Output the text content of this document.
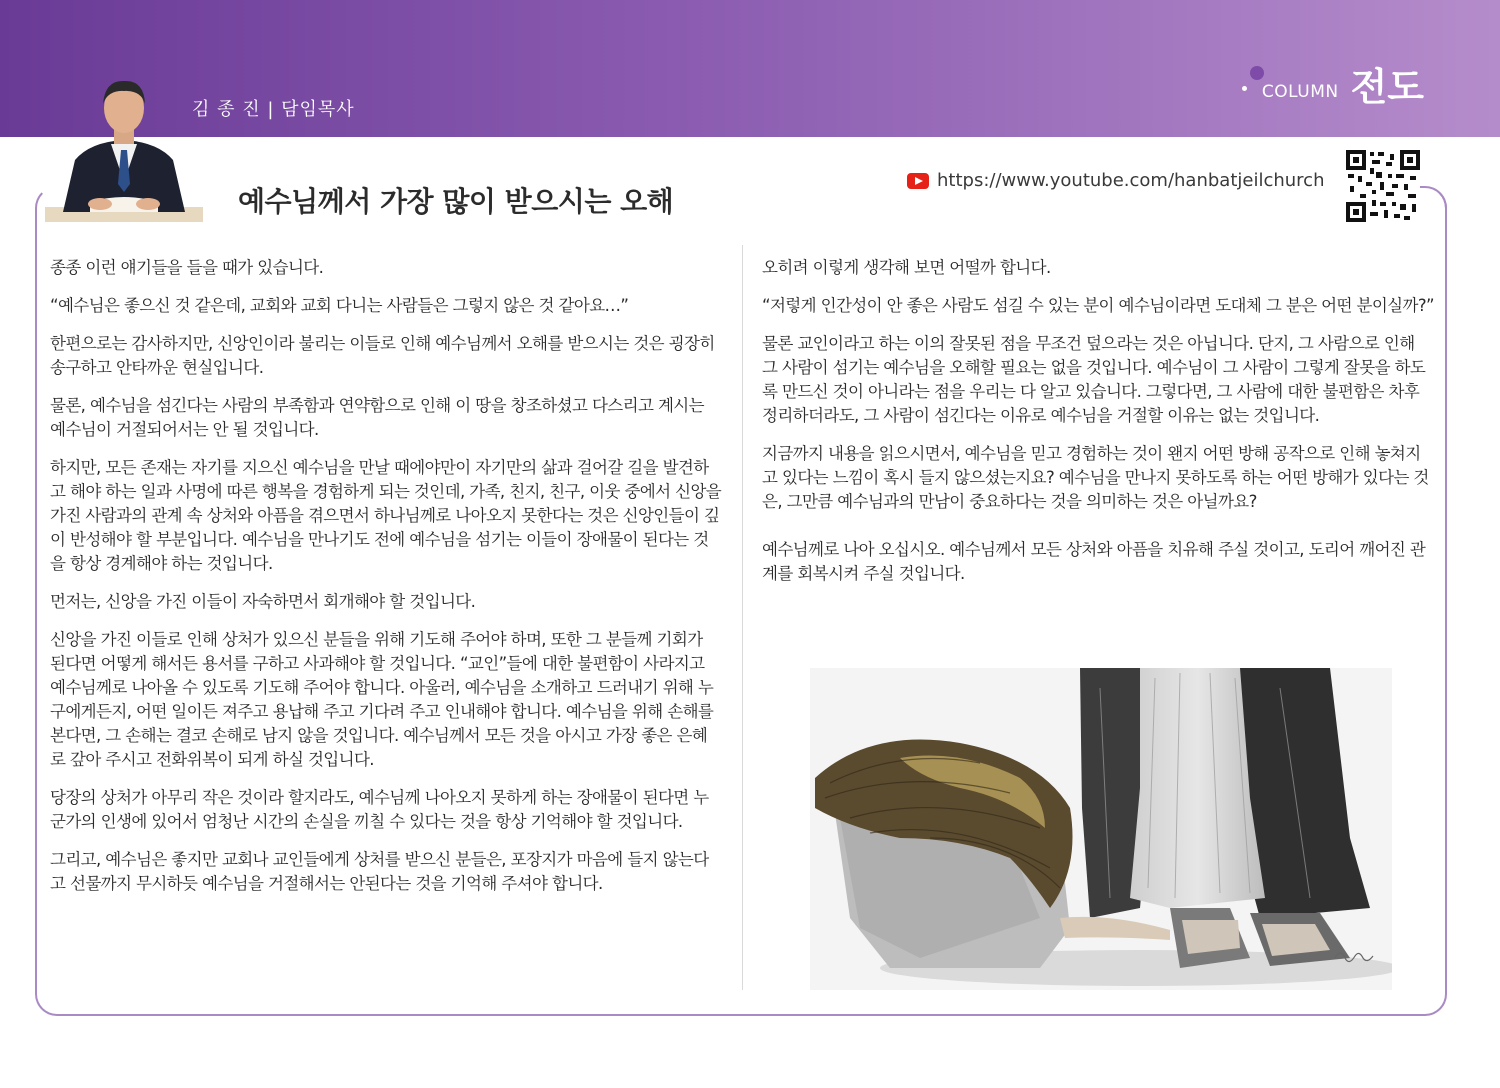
김 종 진 | 담임목사
COLUMN 전도
예수님께서 가장 많이 받으시는 오해
https://www.youtube.com/hanbatjeilchurch

종종 이런 얘기들을 들을 때가 있습니다.

“예수님은 좋으신 것 같은데, 교회와 교회 다니는 사람들은 그렇지 않은 것 같아요…”

한편으로는 감사하지만, 신앙인이라 불리는 이들로 인해 예수님께서 오해를 받으시는 것은 굉장히 송구하고 안타까운 현실입니다.

물론, 예수님을 섬긴다는 사람의 부족함과 연약함으로 인해 이 땅을 창조하셨고 다스리고 계시는 예수님이 거절되어서는 안 될 것입니다.

하지만, 모든 존재는 자기를 지으신 예수님을 만날 때에야만이 자기만의 삶과 걸어갈 길을 발견하고 해야 하는 일과 사명에 따른 행복을 경험하게 되는 것인데, 가족, 친지, 친구, 이웃 중에서 신앙을 가진 사람과의 관계 속 상처와 아픔을 겪으면서 하나님께로 나아오지 못한다는 것은 신앙인들이 깊이 반성해야 할 부분입니다. 예수님을 만나기도 전에 예수님을 섬기는 이들이 장애물이 된다는 것을 항상 경계해야 하는 것입니다.

먼저는, 신앙을 가진 이들이 자숙하면서 회개해야 할 것입니다.

신앙을 가진 이들로 인해 상처가 있으신 분들을 위해 기도해 주어야 하며, 또한 그 분들께 기회가 된다면 어떻게 해서든 용서를 구하고 사과해야 할 것입니다. “교인”들에 대한 불편함이 사라지고 예수님께로 나아올 수 있도록 기도해 주어야 합니다. 아울러, 예수님을 소개하고 드러내기 위해 누구에게든지, 어떤 일이든 져주고 용납해 주고 기다려 주고 인내해야 합니다. 예수님을 위해 손해를 본다면, 그 손해는 결코 손해로 남지 않을 것입니다. 예수님께서 모든 것을 아시고 가장 좋은 은혜로 갚아 주시고 전화위복이 되게 하실 것입니다.

당장의 상처가 아무리 작은 것이라 할지라도, 예수님께 나아오지 못하게 하는 장애물이 된다면 누군가의 인생에 있어서 엄청난 시간의 손실을 끼칠 수 있다는 것을 항상 기억해야 할 것입니다.

그리고, 예수님은 좋지만 교회나 교인들에게 상처를 받으신 분들은, 포장지가 마음에 들지 않는다고 선물까지 무시하듯 예수님을 거절해서는 안된다는 것을 기억해 주셔야 합니다.

오히려 이렇게 생각해 보면 어떨까 합니다.

“저렇게 인간성이 안 좋은 사람도 섬길 수 있는 분이 예수님이라면 도대체 그 분은 어떤 분이실까?”

물론 교인이라고 하는 이의 잘못된 점을 무조건 덮으라는 것은 아닙니다. 단지, 그 사람으로 인해 그 사람이 섬기는 예수님을 오해할 필요는 없을 것입니다. 예수님이 그 사람이 그렇게 잘못을 하도록 만드신 것이 아니라는 점을 우리는 다 알고 있습니다. 그렇다면, 그 사람에 대한 불편함은 차후 정리하더라도, 그 사람이 섬긴다는 이유로 예수님을 거절할 이유는 없는 것입니다.

지금까지 내용을 읽으시면서, 예수님을 믿고 경험하는 것이 왠지 어떤 방해 공작으로 인해 놓쳐지고 있다는 느낌이 혹시 들지 않으셨는지요? 예수님을 만나지 못하도록 하는 어떤 방해가 있다는 것은, 그만큼 예수님과의 만남이 중요하다는 것을 의미하는 것은 아닐까요?

예수님께로 나아 오십시오. 예수님께서 모든 상처와 아픔을 치유해 주실 것이고, 도리어 깨어진 관계를 회복시켜 주실 것입니다.
